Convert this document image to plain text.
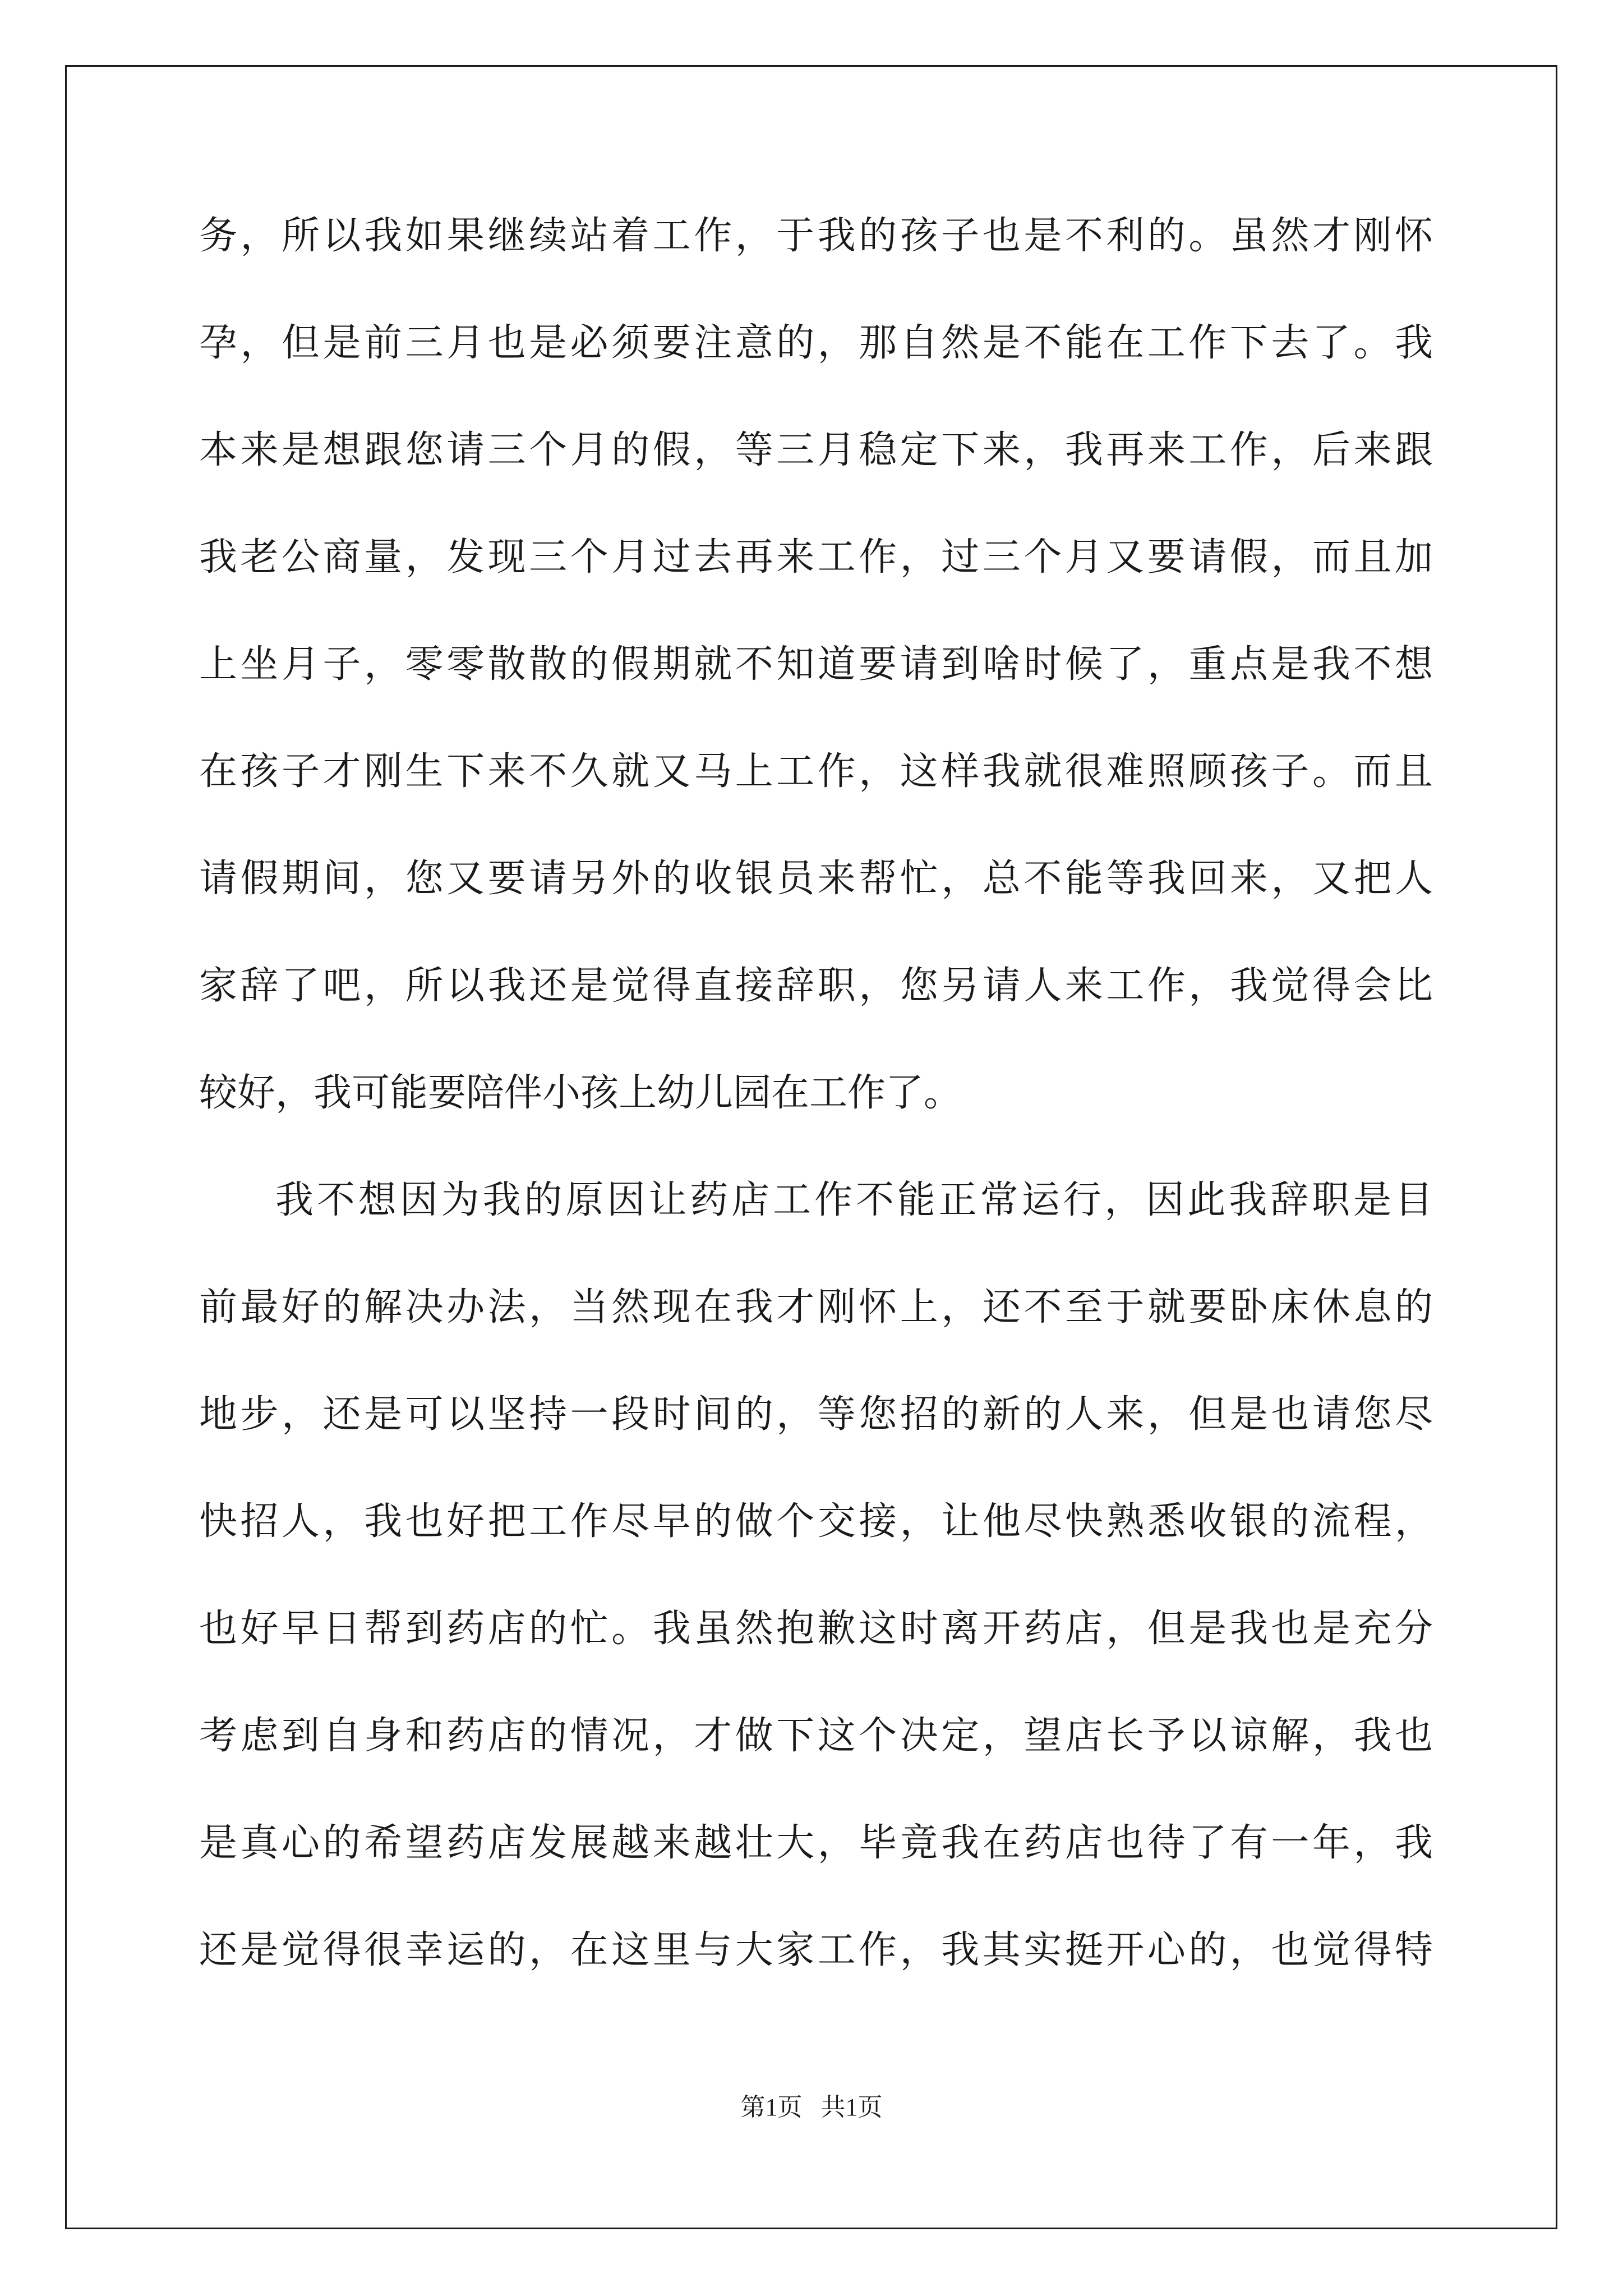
务，所以我如果继续站着工作，于我的孩子也是不利的。虽然才刚怀
孕，但是前三月也是必须要注意的，那自然是不能在工作下去了。我
本来是想跟您请三个月的假，等三月稳定下来，我再来工作，后来跟
我老公商量，发现三个月过去再来工作，过三个月又要请假，而且加
上坐月子，零零散散的假期就不知道要请到啥时候了，重点是我不想
在孩子才刚生下来不久就又马上工作，这样我就很难照顾孩子。而且
请假期间，您又要请另外的收银员来帮忙，总不能等我回来，又把人
家辞了吧，所以我还是觉得直接辞职，您另请人来工作，我觉得会比
较好，我可能要陪伴小孩上幼儿园在工作了。
我不想因为我的原因让药店工作不能正常运行，因此我辞职是目
前最好的解决办法，当然现在我才刚怀上，还不至于就要卧床休息的
地步，还是可以坚持一段时间的，等您招的新的人来，但是也请您尽
快招人，我也好把工作尽早的做个交接，让他尽快熟悉收银的流程，
也好早日帮到药店的忙。我虽然抱歉这时离开药店，但是我也是充分
考虑到自身和药店的情况，才做下这个决定，望店长予以谅解，我也
是真心的希望药店发展越来越壮大，毕竟我在药店也待了有一年，我
还是觉得很幸运的，在这里与大家工作，我其实挺开心的，也觉得特
第1页   共1页
